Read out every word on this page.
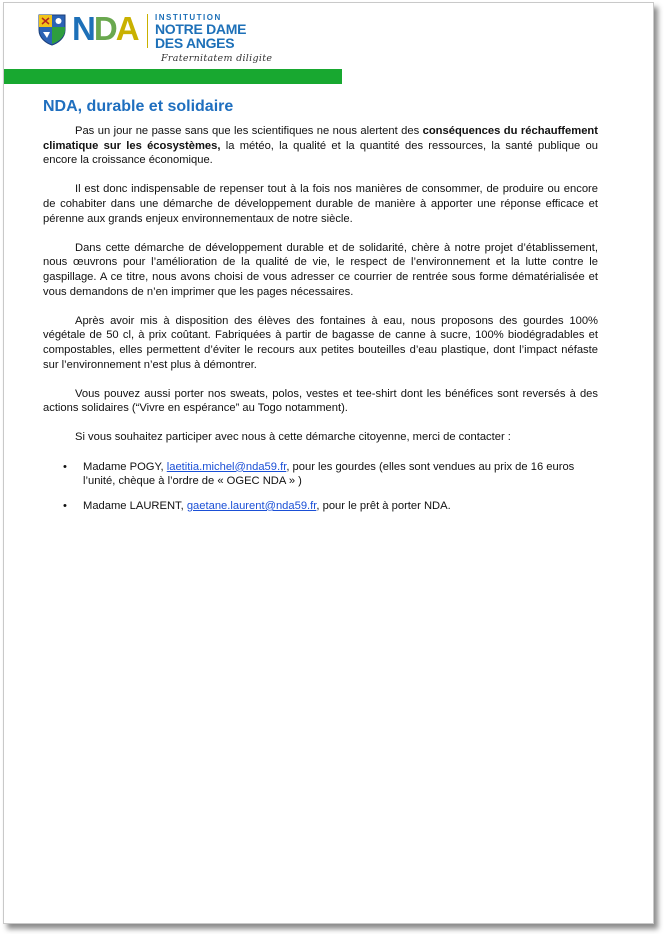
NDA INSTITUTION
NOTRE DAME
DES ANGES
Fraternitatem diligite
NDA, durable et solidaire

Pas un jour ne passe sans que les scientifiques ne nous alertent des conséquences du réchauffement climatique sur les écosystèmes, la météo, la qualité et la quantité des ressources, la santé publique ou encore la croissance économique.

Il est donc indispensable de repenser tout à la fois nos manières de consommer, de produire ou encore de cohabiter dans une démarche de développement durable de manière à apporter une réponse efficace et pérenne aux grands enjeux environnementaux de notre siècle.

Dans cette démarche de développement durable et de solidarité, chère à notre projet d’établissement, nous œuvrons pour l’amélioration de la qualité de vie, le respect de l’environnement et la lutte contre le gaspillage. A ce titre, nous avons choisi de vous adresser ce courrier de rentrée sous forme dématérialisée et vous demandons de n’en imprimer que les pages nécessaires.

Après avoir mis à disposition des élèves des fontaines à eau, nous proposons des gourdes 100% végétale de 50 cl, à prix coûtant. Fabriquées à partir de bagasse de canne à sucre, 100% biodégradables et compostables, elles permettent d’éviter le recours aux petites bouteilles d’eau plastique, dont l’impact néfaste sur l’environnement n’est plus à démontrer.

Vous pouvez aussi porter nos sweats, polos, vestes et tee-shirt dont les bénéfices sont reversés à des actions solidaires (“Vivre en espérance” au Togo notamment).

Si vous souhaitez participer avec nous à cette démarche citoyenne, merci de contacter :

• Madame POGY, laetitia.michel@nda59.fr, pour les gourdes (elles sont vendues au prix de 16 euros l’unité, chèque à l’ordre de « OGEC NDA » )
• Madame LAURENT, gaetane.laurent@nda59.fr, pour le prêt à porter NDA.
